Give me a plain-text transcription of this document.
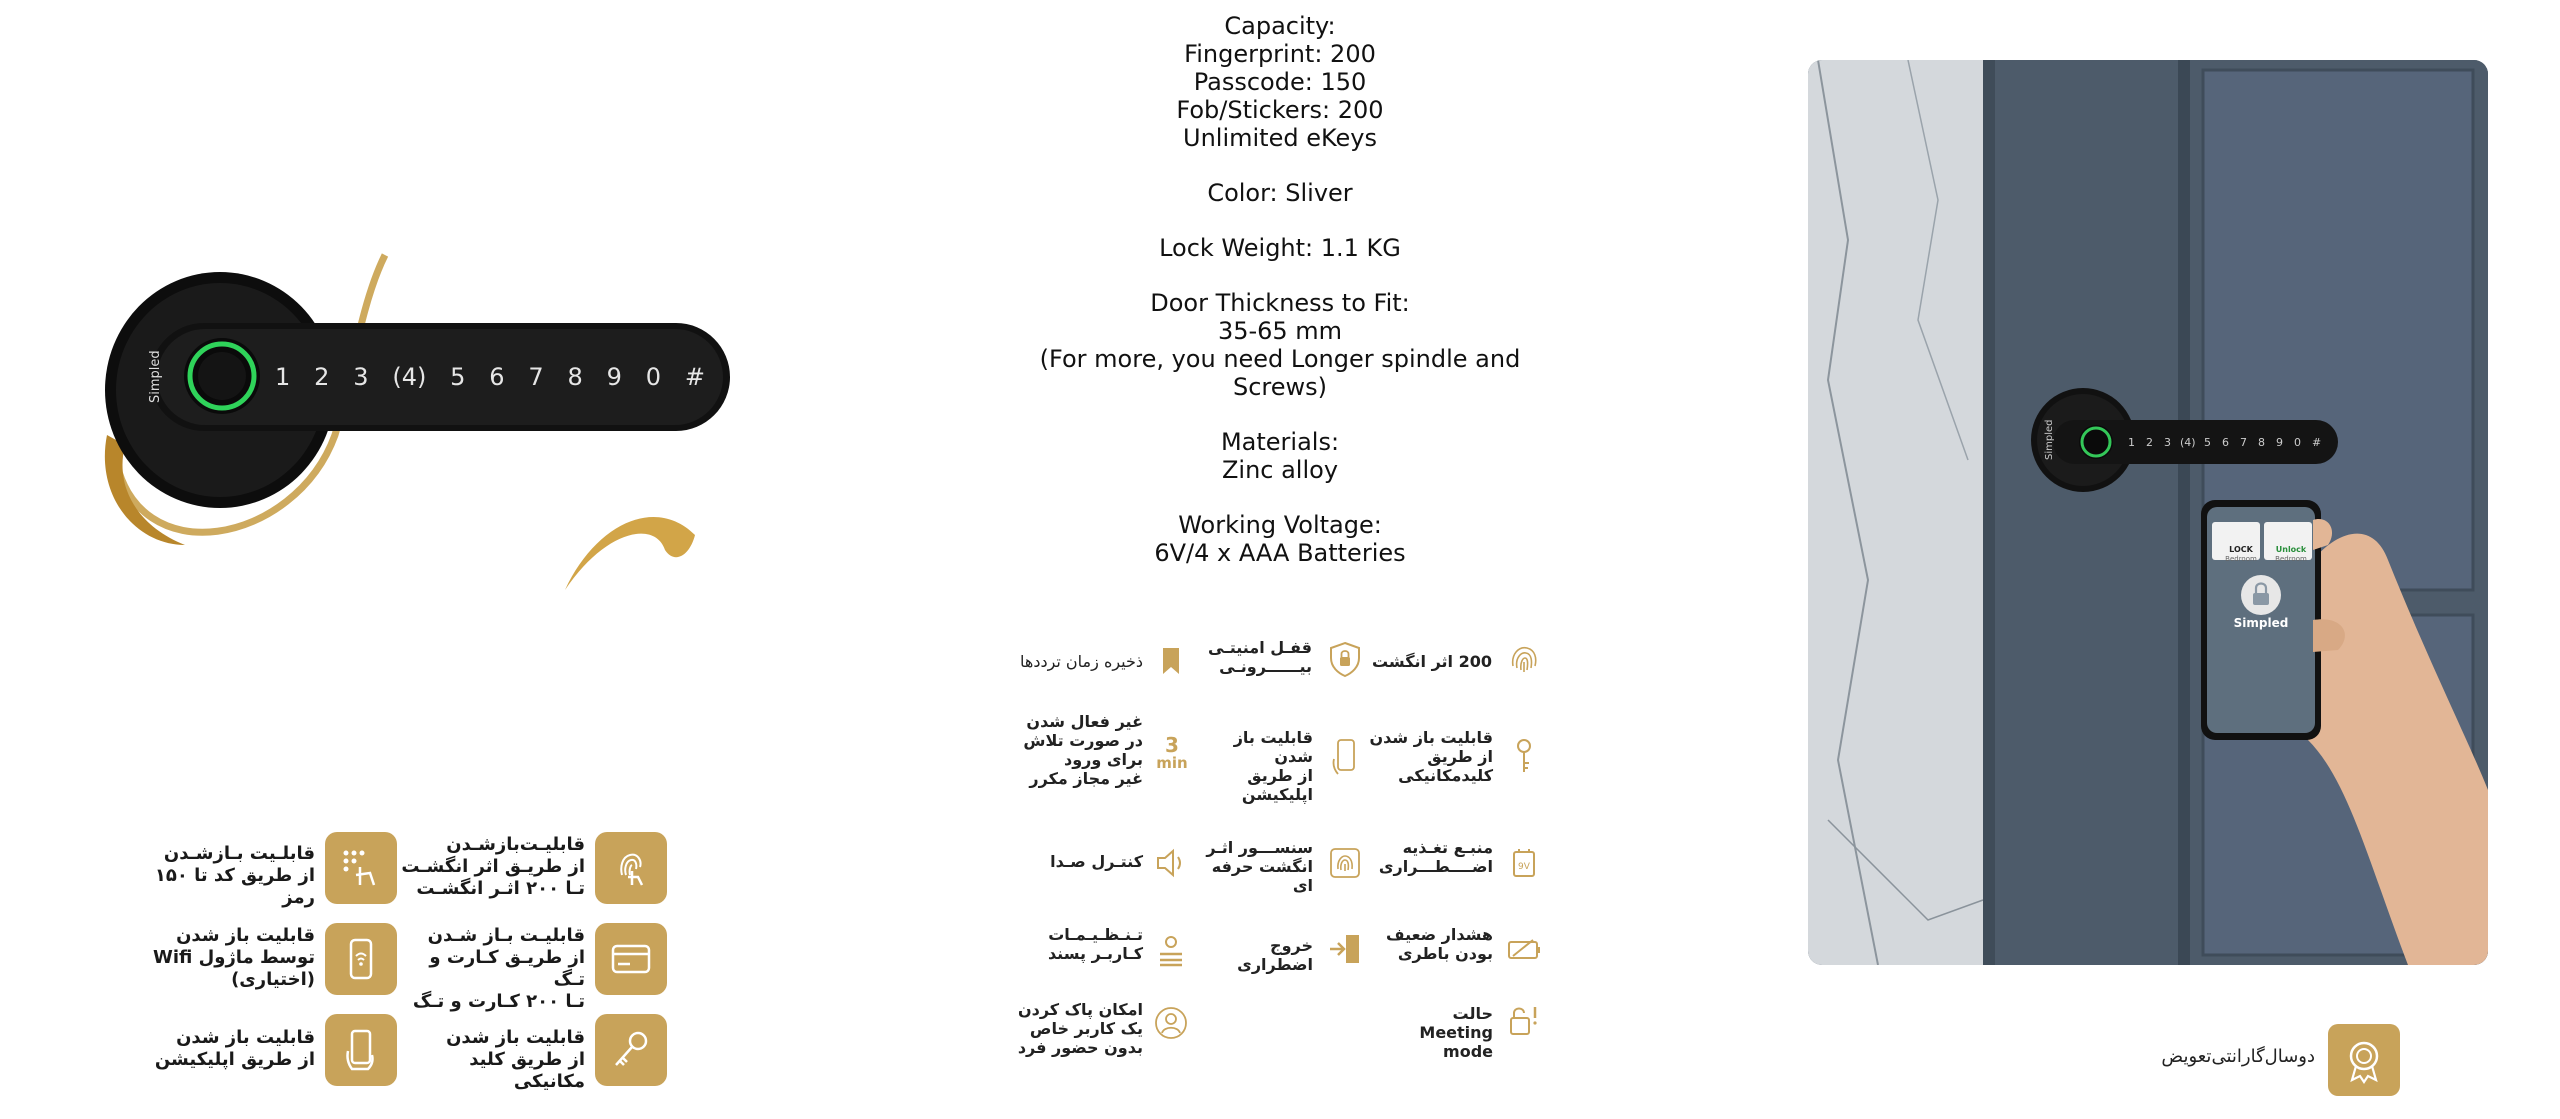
Simpled	1 2 3 (4) 5 6 7 8 9 0 #
قابلیـت‌بازشـدن
از طریـق اثر انگشـت
تـا ۲۰۰ اثـر انگشـت
قابلـیت بـازشـدن
از طریق کد تا ۱۵۰ رمز
قابلیـت بـاز شـدن
از طریـق کـارت و تـگ
تـا ۲۰۰ کـارت و تـگ
قابلیت باز شدن
توسط ماژول Wifi
(اختیاری)
قابلیت باز شدن
از طریق کلید مکانیکی
قابلیت باز شدن
از طریق اپلیکیشن

Capacity:

Fingerprint: 200

Passcode: 150

Fob/Stickers: 200

Unlimited eKeys

Color: Sliver

Lock Weight: 1.1 KG

Door Thickness to Fit:

35-65 mm

(For more, you need Longer spindle and Screws)

Materials:

Zinc alloy

Working Voltage:

6V/4 x AAA Batteries

200 اثر انگشت
قفـل امنیتـی
بیــــــرونـی
ذخیره زمان ترددها
قابلیت باز شدن
از طریق
کلیدمکانیکی
قابلیت باز شدن
از طریق
اپلیکیشن
3
min
غیر فعال شدن
در صورت تلاش
برای ورود
غیر مجاز مکرر
9V
منبـع تغـذیه
اضــــطـــراری
سنســـور اثـر
انگشت حرفه ای
کنتـرل صـدا
هشدار ضعیف
بودن باطری
خروج اضطراری
تـنـظـیـمـات
کـاربـر پسند
حالت
Meeting mode
امکان پاک کردن
یک کاربر خاص
بدون حضور فرد
1 2 3 (4) 5 6 7 8 9 0 #
Simpled
LOCK
Bedroom
Unlock
Bedroom
Simpled
دوسال‌گارانتی‌تعویض
